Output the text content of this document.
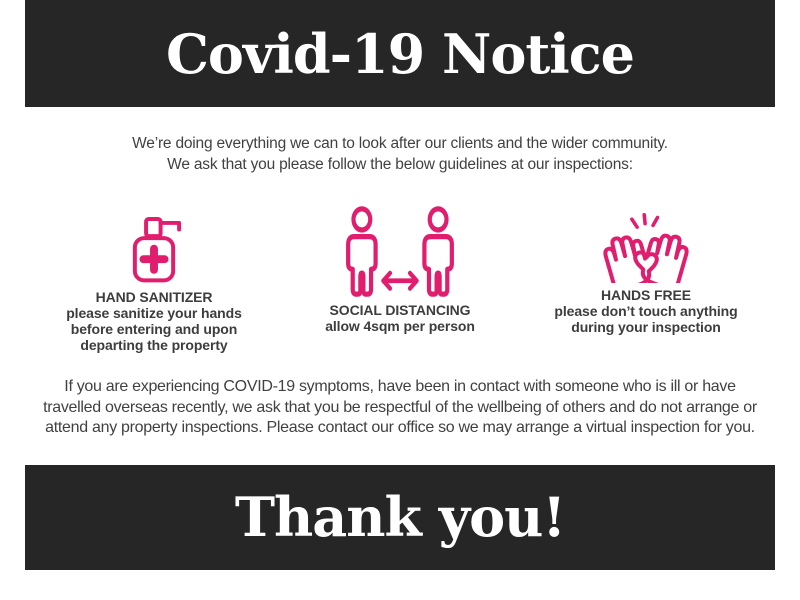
Covid-19 Notice
We’re doing everything we can to look after our clients and the wider community.
We ask that you please follow the below guidelines at our inspections:
HAND SANITIZER
please sanitize your hands before entering and upon departing the property
SOCIAL DISTANCING
allow 4sqm per person
HANDS FREE
please don’t touch anything during your inspection
If you are experiencing COVID-19 symptoms, have been in contact with someone who is ill or have travelled overseas recently, we ask that you be respectful of the wellbeing of others and do not arrange or attend any property inspections. Please contact our office so we may arrange a virtual inspection for you.
Thank you!
